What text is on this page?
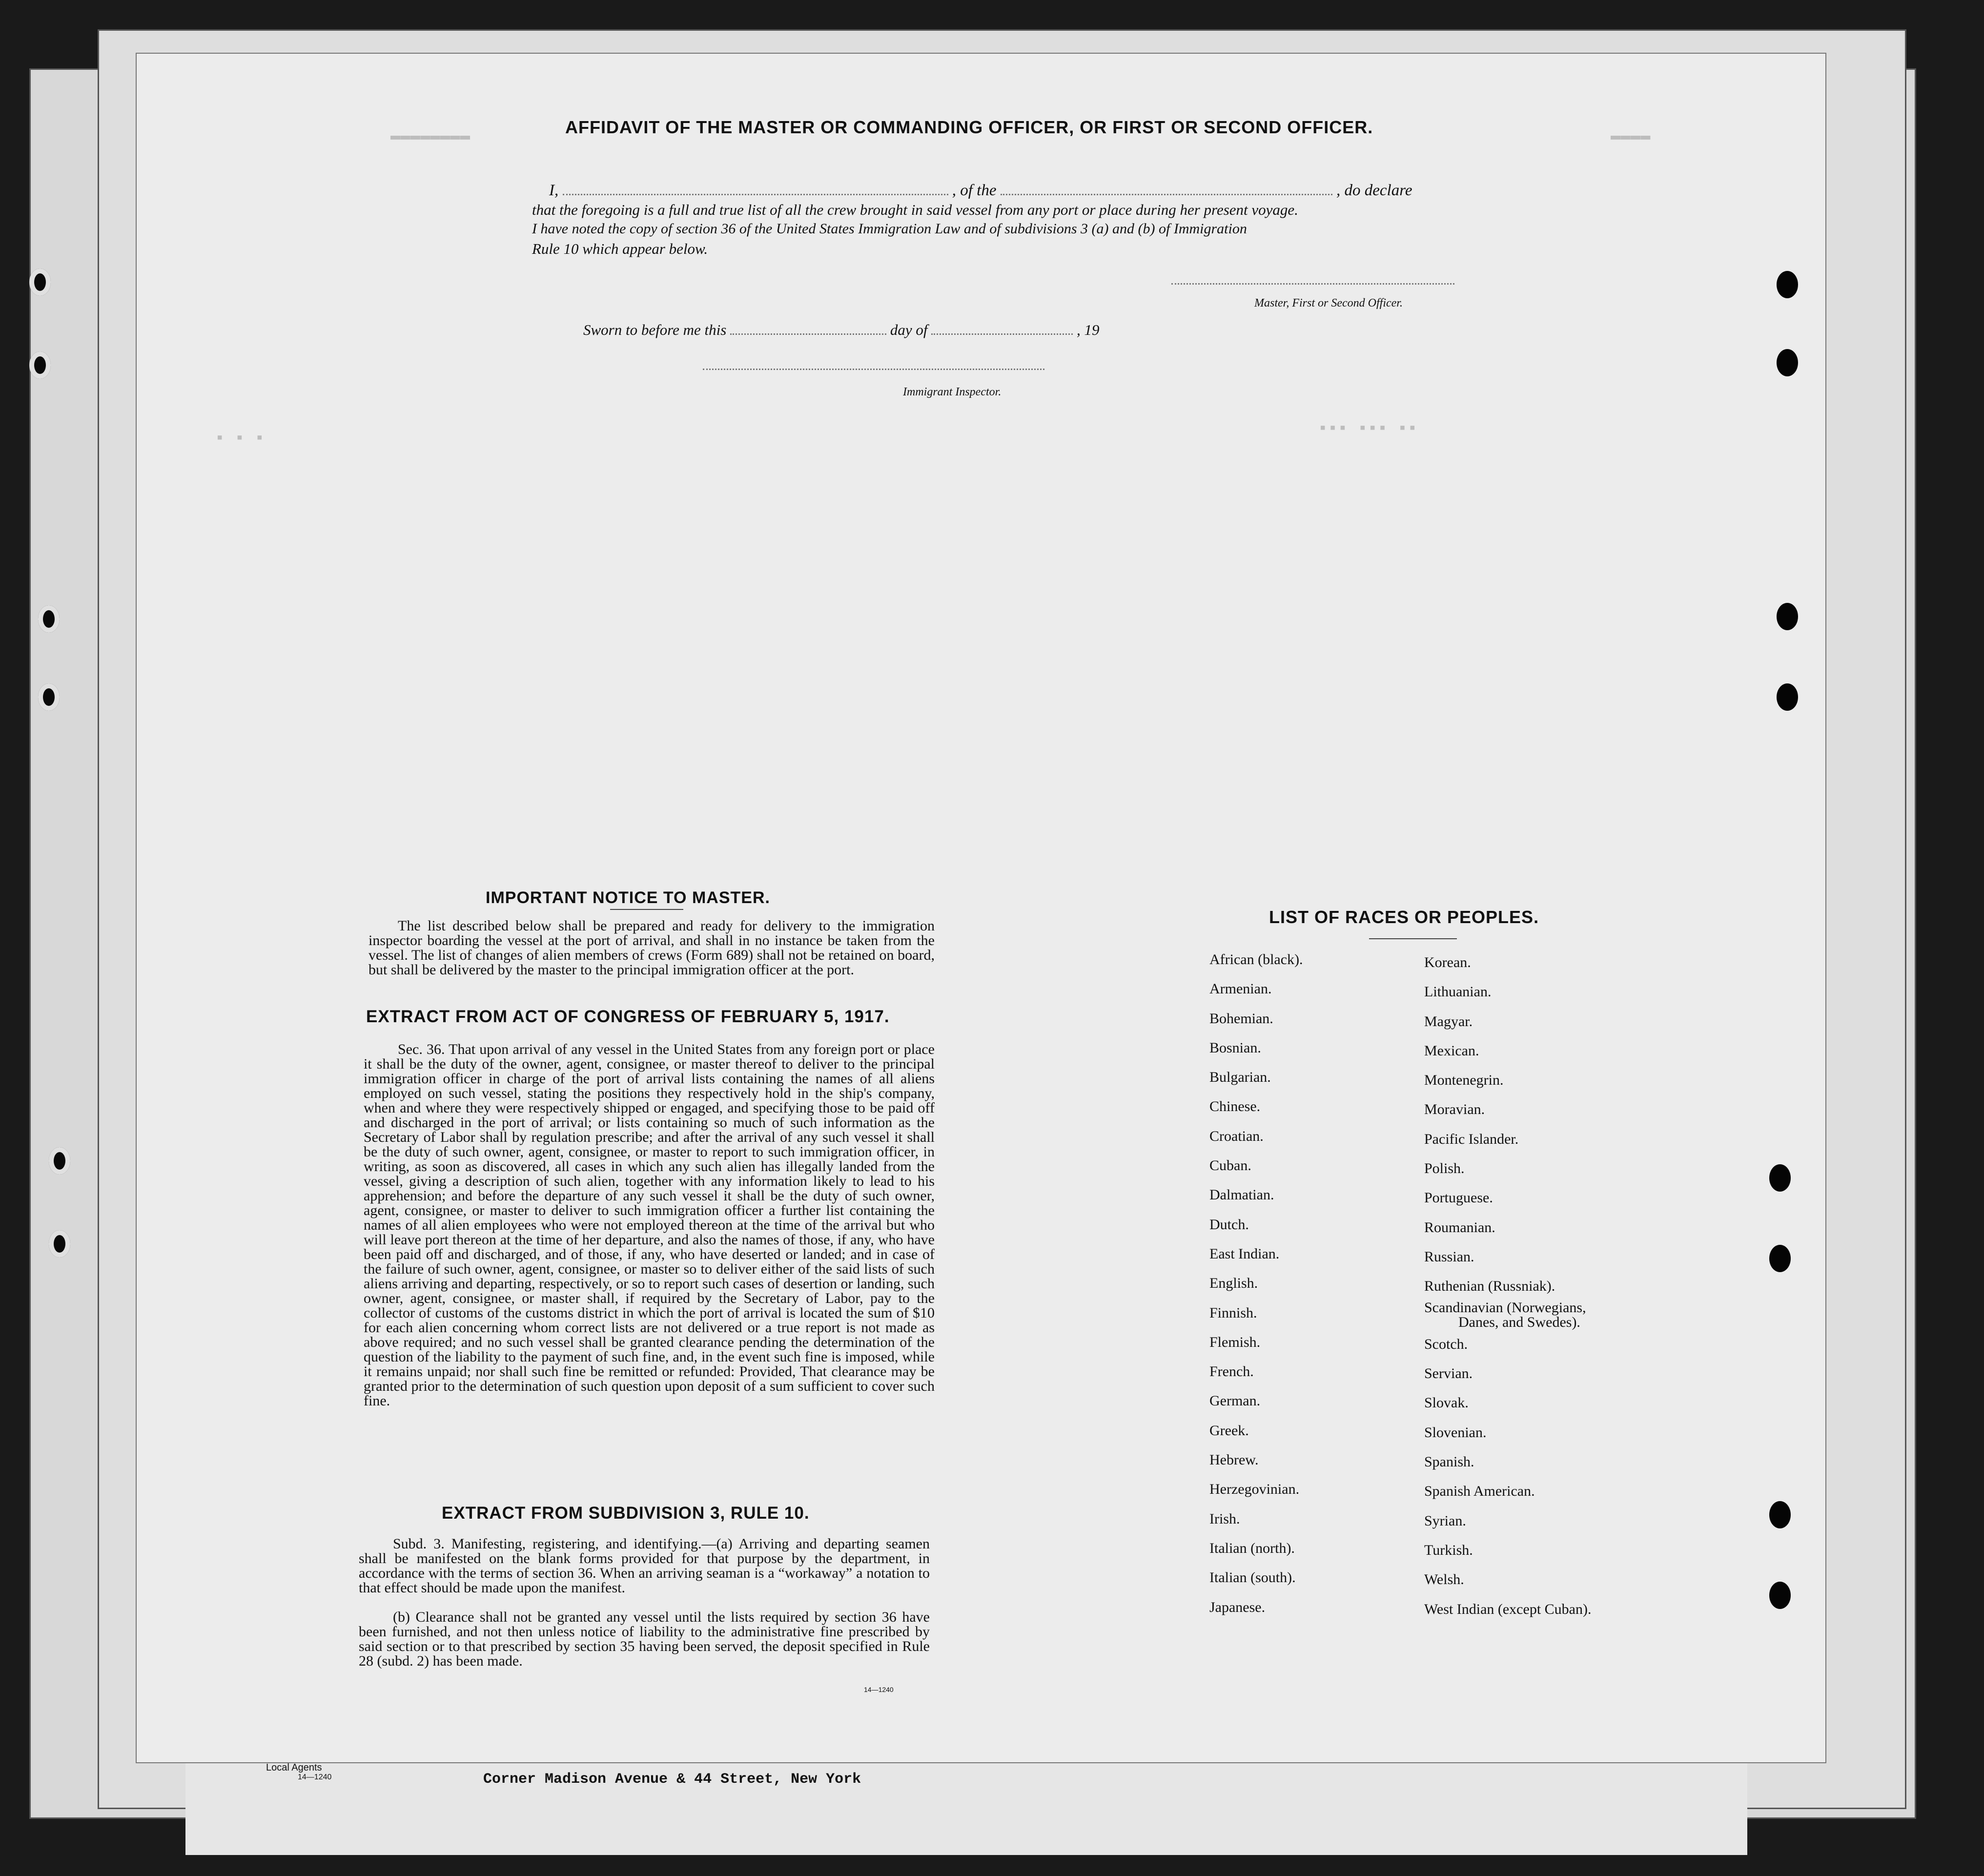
Local Agents
14—1240	Corner Madison Avenue & 44 Street, New York
▪ ▪ ▪
▬▬▬▬▬▬▬▬
▪▪▪ ▪▪▪ ▪▪
▬▬▬▬
AFFIDAVIT OF THE MASTER OR COMMANDING OFFICER, OR FIRST OR SECOND OFFICER.
I,	, of the	, do declare
that the foregoing is a full and true list of all the crew brought in said vessel from any port or place during her present voyage.
I have noted the copy of section 36 of the United States Immigration Law and of subdivisions 3 (a) and (b) of Immigration
Rule 10 which appear below.
Master, First or Second Officer.
Sworn to before me this	day of	, 19
Immigrant Inspector.
IMPORTANT NOTICE TO MASTER.
The list described below shall be prepared and ready for delivery to the immigration inspector boarding the vessel at the port of arrival, and shall in no instance be taken from the vessel. The list of changes of alien members of crews (Form 689) shall not be retained on board, but shall be delivered by the master to the principal immigration officer at the port.
EXTRACT FROM ACT OF CONGRESS OF FEBRUARY 5, 1917.
Sec. 36. That upon arrival of any vessel in the United States from any foreign port or place it shall be the duty of the owner, agent, consignee, or master thereof to deliver to the principal immigration officer in charge of the port of arrival lists containing the names of all aliens employed on such vessel, stating the positions they respectively hold in the ship's company, when and where they were respectively shipped or engaged, and specifying those to be paid off and discharged in the port of arrival; or lists containing so much of such information as the Secretary of Labor shall by regulation prescribe; and after the arrival of any such vessel it shall be the duty of such owner, agent, consignee, or master to report to such immigration officer, in writing, as soon as discovered, all cases in which any such alien has illegally landed from the vessel, giving a description of such alien, together with any information likely to lead to his apprehension; and before the departure of any such vessel it shall be the duty of such owner, agent, consignee, or master to deliver to such immigration officer a further list containing the names of all alien employees who were not employed thereon at the time of the arrival but who will leave port thereon at the time of her departure, and also the names of those, if any, who have been paid off and discharged, and of those, if any, who have deserted or landed; and in case of the failure of such owner, agent, consignee, or master so to deliver either of the said lists of such aliens arriving and departing, respectively, or so to report such cases of desertion or landing, such owner, agent, consignee, or master shall, if required by the Secretary of Labor, pay to the collector of customs of the customs district in which the port of arrival is located the sum of $10 for each alien concerning whom correct lists are not delivered or a true report is not made as above required; and no such vessel shall be granted clearance pending the determination of the question of the liability to the payment of such fine, and, in the event such fine is imposed, while it remains unpaid; nor shall such fine be remitted or refunded: Provided, That clearance may be granted prior to the determination of such question upon deposit of a sum sufficient to cover such fine.
EXTRACT FROM SUBDIVISION 3, RULE 10.
Subd. 3. Manifesting, registering, and identifying.—(a) Arriving and departing seamen shall be manifested on the blank forms provided for that purpose by the department, in accordance with the terms of section 36. When an arriving seaman is a “workaway” a notation to that effect should be made upon the manifest.
(b) Clearance shall not be granted any vessel until the lists required by section 36 have been furnished, and not then unless notice of liability to the administrative fine prescribed by said section or to that prescribed by section 35 having been served, the deposit specified in Rule 28 (subd. 2) has been made.
14—1240
LIST OF RACES OR PEOPLES.
African (black).
Armenian.
Bohemian.
Bosnian.
Bulgarian.
Chinese.
Croatian.
Cuban.
Dalmatian.
Dutch.
East Indian.
English.
Finnish.
Flemish.
French.
German.
Greek.
Hebrew.
Herzegovinian.
Irish.
Italian (north).
Italian (south).
Japanese.
Korean.
Lithuanian.
Magyar.
Mexican.
Montenegrin.
Moravian.
Pacific Islander.
Polish.
Portuguese.
Roumanian.
Russian.
Ruthenian (Russniak).
Scandinavian (Norwegians,
Danes, and Swedes).
Scotch.
Servian.
Slovak.
Slovenian.
Spanish.
Spanish American.
Syrian.
Turkish.
Welsh.
West Indian (except Cuban).
